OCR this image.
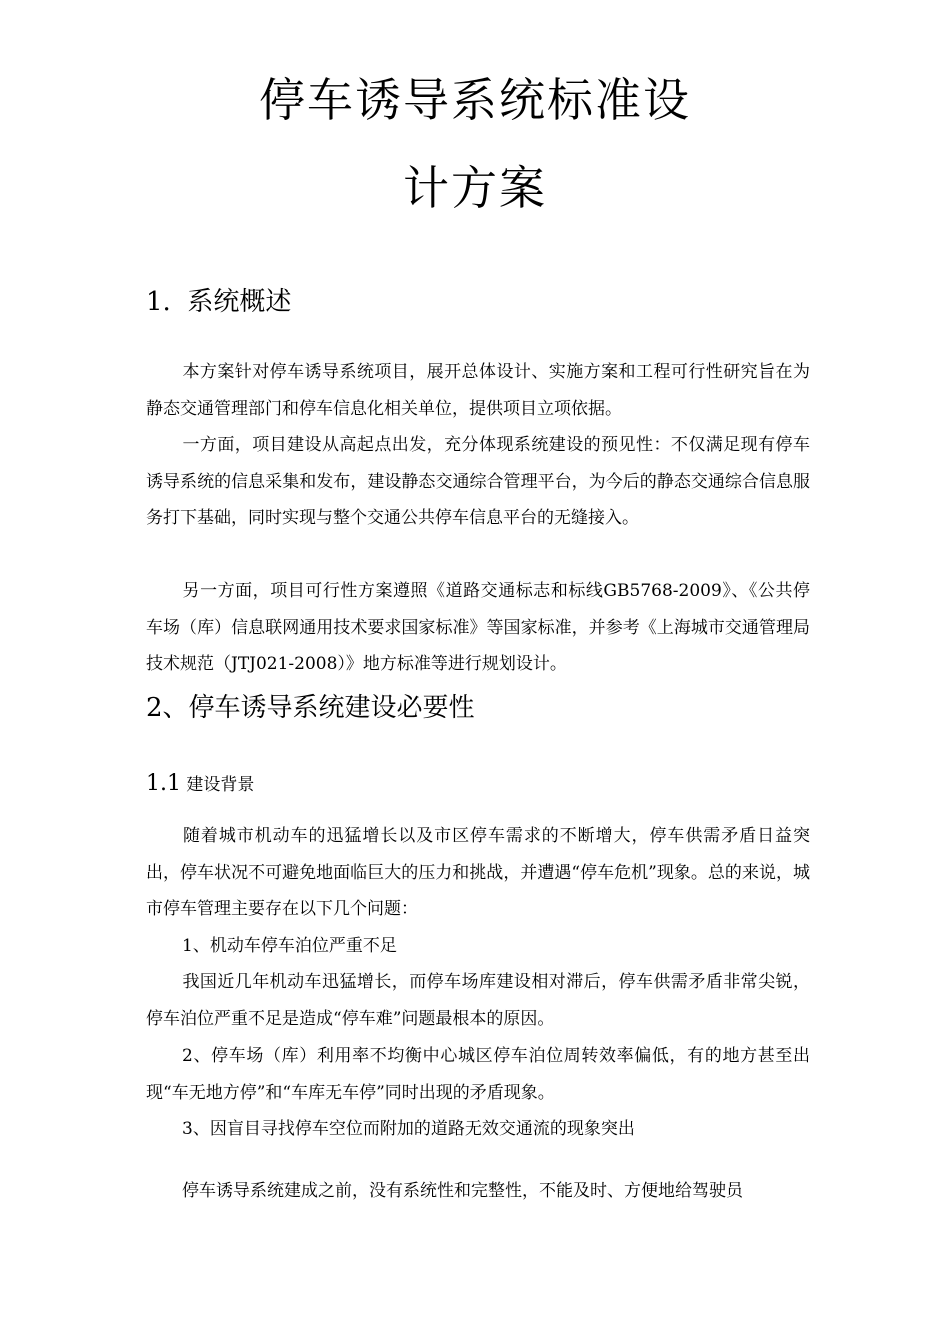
停车诱导系统标准设
计方案
1.  系统概述
本方案针对停车诱导系统项目，展开总体设计、实施方案和工程可行性研究旨在为静态交通管理部门和停车信息化相关单位，提供项目立项依据。
一方面，项目建设从高起点出发，充分体现系统建设的预见性：不仅满足现有停车诱导系统的信息采集和发布，建设静态交通综合管理平台，为今后的静态交通综合信息服务打下基础，同时实现与整个交通公共停车信息平台的无缝接入。
另一方面，项目可行性方案遵照《道路交通标志和标线GB5768-2009》、《公共停车场（库）信息联网通用技术要求国家标准》等国家标准，并参考《上海城市交通管理局技术规范（JTJ021-2008）》地方标准等进行规划设计。
2、停车诱导系统建设必要性
1.1 建设背景
随着城市机动车的迅猛增长以及市区停车需求的不断增大，停车供需矛盾日益突出，停车状况不可避免地面临巨大的压力和挑战，并遭遇“停车危机”现象。总的来说，城市停车管理主要存在以下几个问题：
1、机动车停车泊位严重不足
我国近几年机动车迅猛增长，而停车场库建设相对滞后，停车供需矛盾非常尖锐，停车泊位严重不足是造成“停车难”问题最根本的原因。
2、停车场（库）利用率不均衡中心城区停车泊位周转效率偏低，有的地方甚至出现“车无地方停”和“车库无车停”同时出现的矛盾现象。
3、因盲目寻找停车空位而附加的道路无效交通流的现象突出
停车诱导系统建成之前，没有系统性和完整性，不能及时、方便地给驾驶员
